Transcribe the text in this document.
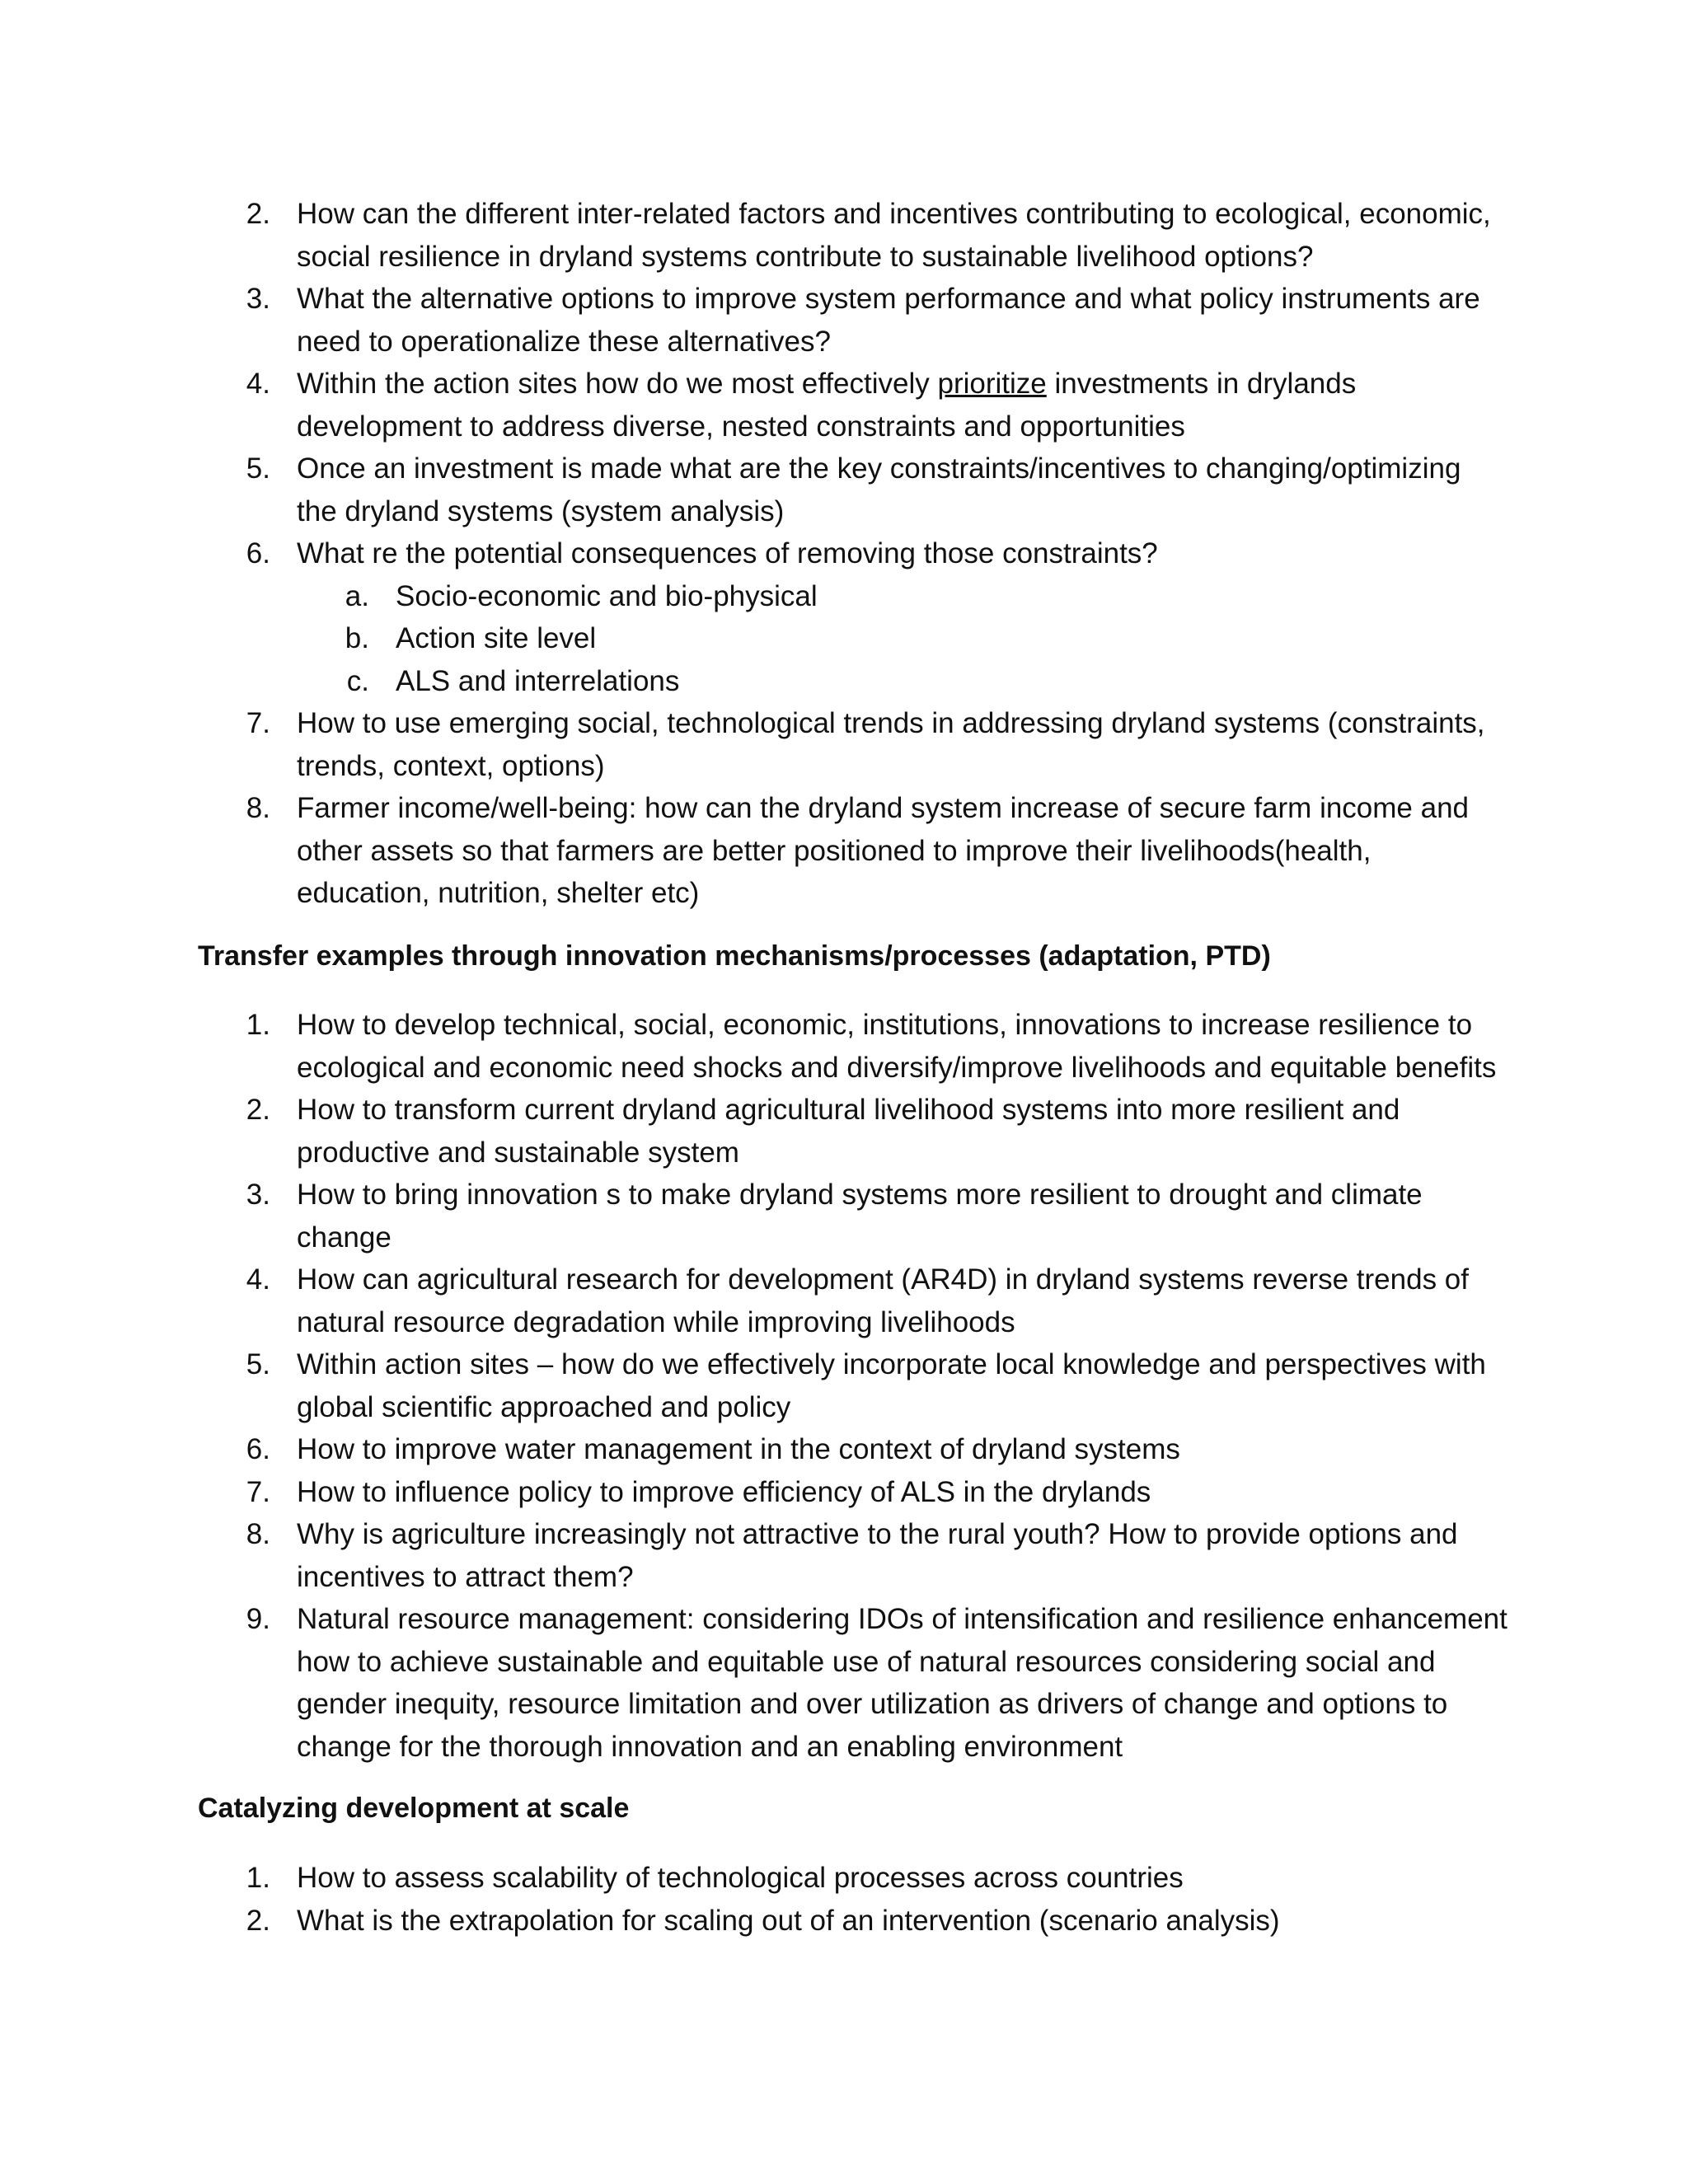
2. How can the different inter-related factors and incentives contributing to ecological, economic, social resilience in dryland systems contribute to sustainable livelihood options?
3. What the alternative options to improve system performance and what policy instruments are need to operationalize these alternatives?
4. Within the action sites how do we most effectively prioritize investments in drylands development to address diverse, nested constraints and opportunities
5. Once an investment is made what are the key constraints/incentives to changing/optimizing the dryland systems (system analysis)
6. What re the potential consequences of removing those constraints?
a. Socio-economic and bio-physical
b. Action site level
c. ALS and interrelations
7. How to use emerging social, technological trends in addressing dryland systems (constraints, trends, context, options)
8. Farmer income/well-being: how can the dryland system increase of secure farm income and other assets so that farmers are better positioned to improve their livelihoods(health, education, nutrition, shelter etc)
Transfer examples through innovation mechanisms/processes (adaptation, PTD)
1. How to develop technical, social, economic, institutions, innovations to increase resilience to ecological and economic need shocks and diversify/improve livelihoods and equitable benefits
2. How to transform current dryland agricultural livelihood systems into more resilient and productive and sustainable system
3. How to bring innovation s to make dryland systems more resilient to drought and climate change
4. How can agricultural research for development (AR4D) in dryland systems reverse trends of natural resource degradation while improving livelihoods
5. Within action sites – how do we effectively incorporate local knowledge and perspectives with global scientific approached and policy
6. How to improve water management in the context of dryland systems
7. How to influence policy to improve efficiency of ALS in the drylands
8. Why is agriculture increasingly not attractive to the rural youth? How to provide options and incentives to attract them?
9. Natural resource management: considering IDOs of intensification and resilience enhancement how to achieve sustainable and equitable use of natural resources considering social and gender inequity, resource limitation and over utilization as drivers of change and options to change for the thorough innovation and an enabling environment
Catalyzing development at scale
1. How to assess scalability of technological processes across countries
2. What is the extrapolation for scaling out of an intervention (scenario analysis)
